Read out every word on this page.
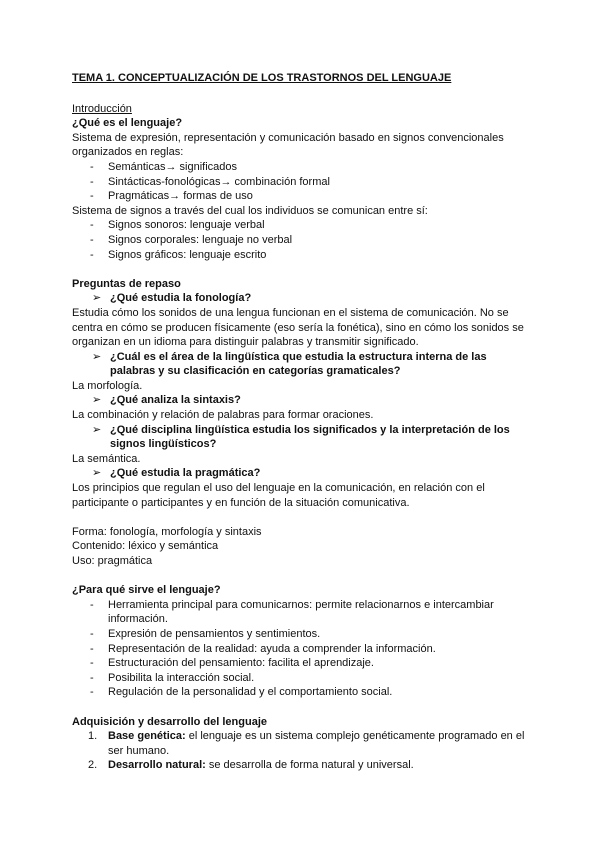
TEMA 1. CONCEPTUALIZACIÓN DE LOS TRASTORNOS DEL LENGUAJE

Introducción

¿Qué es el lenguaje?

Sistema de expresión, representación y comunicación basado en signos convencionales organizados en reglas:

- Semánticas→ significados
- Sintácticas-fonológicas→ combinación formal
- Pragmáticas→ formas de uso

Sistema de signos a través del cual los individuos se comunican entre sí:

- Signos sonoros: lenguaje verbal
- Signos corporales: lenguaje no verbal
- Signos gráficos: lenguaje escrito

Preguntas de repaso

➢ ¿Qué estudia la fonología?

Estudia cómo los sonidos de una lengua funcionan en el sistema de comunicación. No se centra en cómo se producen físicamente (eso sería la fonética), sino en cómo los sonidos se organizan en un idioma para distinguir palabras y transmitir significado.

➢ ¿Cuál es el área de la lingüística que estudia la estructura interna de las palabras y su clasificación en categorías gramaticales?

La morfología.

➢ ¿Qué analiza la sintaxis?

La combinación y relación de palabras para formar oraciones.

➢ ¿Qué disciplina lingüística estudia los significados y la interpretación de los signos lingüísticos?

La semántica.

➢ ¿Qué estudia la pragmática?

Los principios que regulan el uso del lenguaje en la comunicación, en relación con el participante o participantes y en función de la situación comunicativa.

Forma: fonología, morfología y sintaxis

Contenido: léxico y semántica

Uso: pragmática

¿Para qué sirve el lenguaje?

- Herramienta principal para comunicarnos: permite relacionarnos e intercambiar información.
- Expresión de pensamientos y sentimientos.
- Representación de la realidad: ayuda a comprender la información.
- Estructuración del pensamiento: facilita el aprendizaje.
- Posibilita la interacción social.
- Regulación de la personalidad y el comportamiento social.

Adquisición y desarrollo del lenguaje

1. Base genética: el lenguaje es un sistema complejo genéticamente programado en el ser humano.
2. Desarrollo natural: se desarrolla de forma natural y universal.
